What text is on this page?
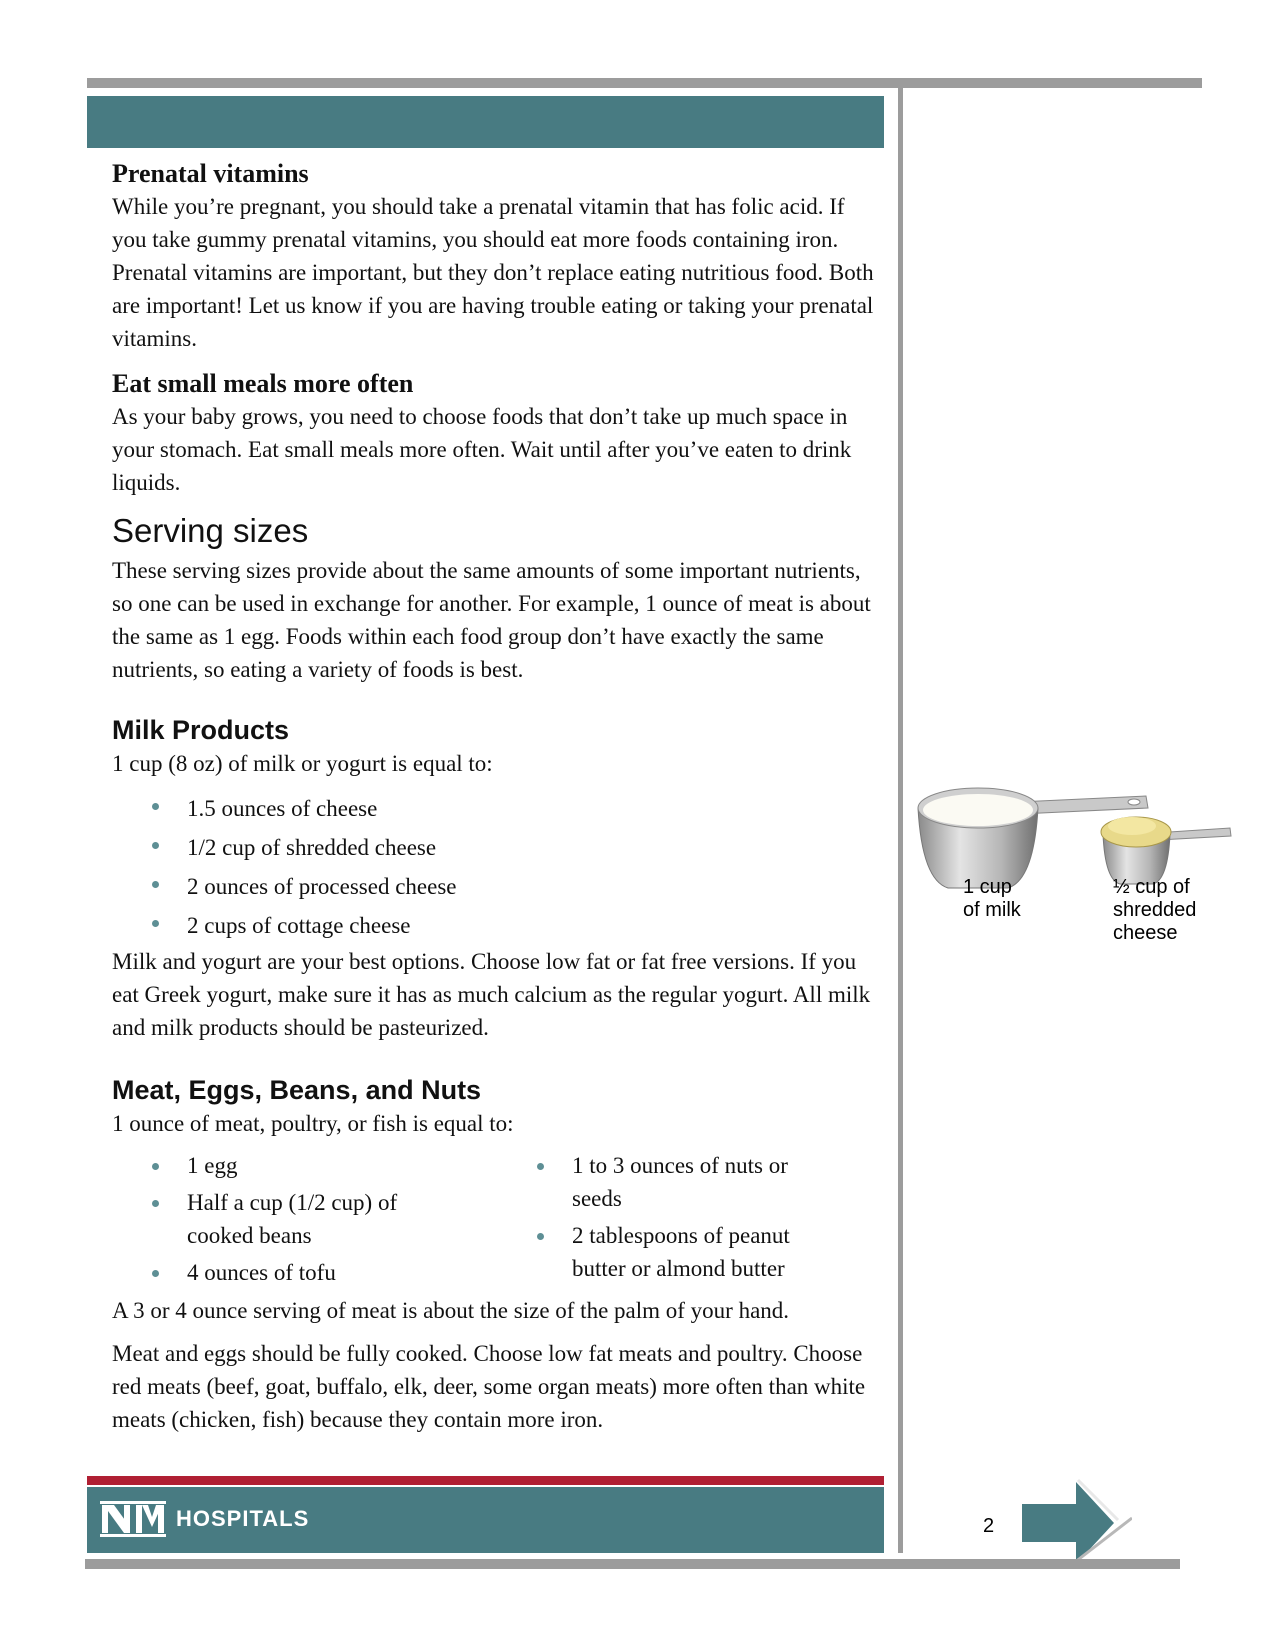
Prenatal vitamins

While you’re pregnant, you should take a prenatal vitamin that has folic acid. If you take gummy prenatal vitamins, you should eat more foods containing iron. Prenatal vitamins are important, but they don’t replace eating nutritious food. Both are important! Let us know if you are having trouble eating or taking your prenatal vitamins.

Eat small meals more often

As your baby grows, you need to choose foods that don’t take up much space in your stomach. Eat small meals more often. Wait until after you’ve eaten to drink liquids.

Serving sizes

These serving sizes provide about the same amounts of some important nutrients, so one can be used in exchange for another. For example, 1 ounce of meat is about the same as 1 egg. Foods within each food group don’t have exactly the same nutrients, so eating a variety of foods is best.

Milk Products

1 cup (8 oz) of milk or yogurt is equal to:

1.5 ounces of cheese
1/2 cup of shredded cheese
2 ounces of processed cheese
2 cups of cottage cheese

Milk and yogurt are your best options. Choose low fat or fat free versions. If you eat Greek yogurt, make sure it has as much calcium as the regular yogurt. All milk and milk products should be pasteurized.

Meat, Eggs, Beans, and Nuts

1 ounce of meat, poultry, or fish is equal to:

1 egg
Half a cup (1/2 cup) of cooked beans
4 ounces of tofu
1 to 3 ounces of nuts or seeds
2 tablespoons of peanut butter or almond butter

A 3 or 4 ounce serving of meat is about the size of the palm of your hand.

Meat and eggs should be fully cooked. Choose low fat meats and poultry. Choose red meats (beef, goat, buffalo, elk, deer, some organ meats) more often than white meats (chicken, fish) because they contain more iron.

1 cup
of milk
½ cup of
shredded
cheese
HOSPITALS	2
